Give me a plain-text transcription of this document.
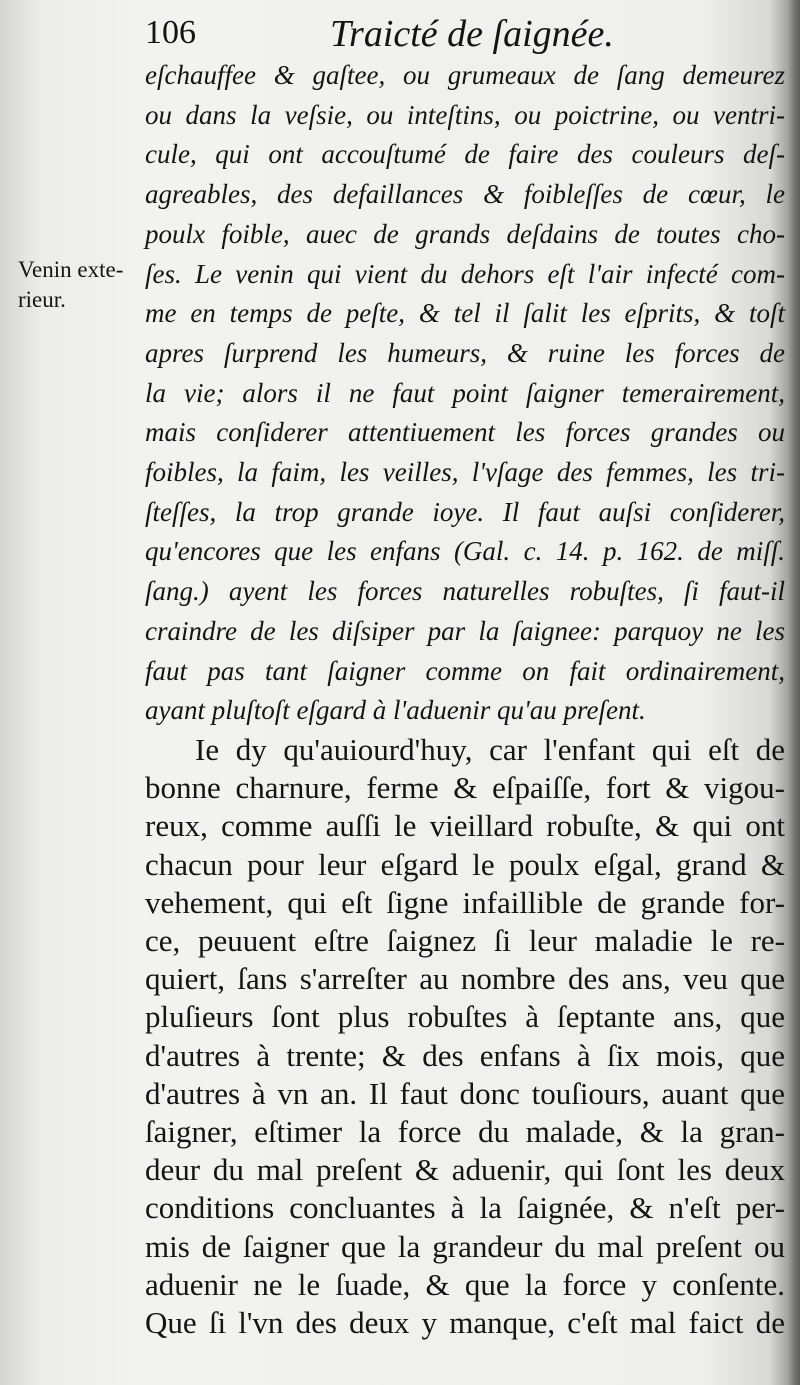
106	Traicté de ſaignée.
Venin exte-
rieur.
eſchauffee & gaſtee, ou grumeaux de ſang demeurez
ou dans la veſsie, ou inteſtins, ou poictrine, ou ventri-
cule, qui ont accouſtumé de faire des couleurs deſ-
agreables, des defaillances & foibleſſes de cœur, le
poulx foible, auec de grands deſdains de toutes cho-
ſes. Le venin qui vient du dehors eſt l'air infecté com-
me en temps de peſte, & tel il ſalit les eſprits, & toſt
apres ſurprend les humeurs, & ruine les forces de
la vie; alors il ne faut point ſaigner temerairement,
mais conſiderer attentiuement les forces grandes ou
foibles, la faim, les veilles, l'vſage des femmes, les tri-
ſteſſes, la trop grande ioye. Il faut auſsi conſiderer,
qu'encores que les enfans (Gal. c. 14. p. 162. de miſſ.
ſang.) ayent les forces naturelles robuſtes, ſi faut-il
craindre de les diſsiper par la ſaignee: parquoy ne les
faut pas tant ſaigner comme on fait ordinairement,
ayant pluſtoſt eſgard à l'aduenir qu'au preſent.
Ie dy qu'auiourd'huy, car l'enfant qui eſt de
bonne charnure, ferme & eſpaiſſe, fort & vigou-
reux, comme auſſi le vieillard robuſte, & qui ont
chacun pour leur eſgard le poulx eſgal, grand &
vehement, qui eſt ſigne infaillible de grande for-
ce, peuuent eſtre ſaignez ſi leur maladie le re-
quiert, ſans s'arreſter au nombre des ans, veu que
pluſieurs ſont plus robuſtes à ſeptante ans, que
d'autres à trente; & des enfans à ſix mois, que
d'autres à vn an. Il faut donc touſiours, auant que
ſaigner, eſtimer la force du malade, & la gran-
deur du mal preſent & aduenir, qui ſont les deux
conditions concluantes à la ſaignée, & n'eſt per-
mis de ſaigner que la grandeur du mal preſent ou
aduenir ne le ſuade, & que la force y conſente.
Que ſi l'vn des deux y manque, c'eſt mal faict de
